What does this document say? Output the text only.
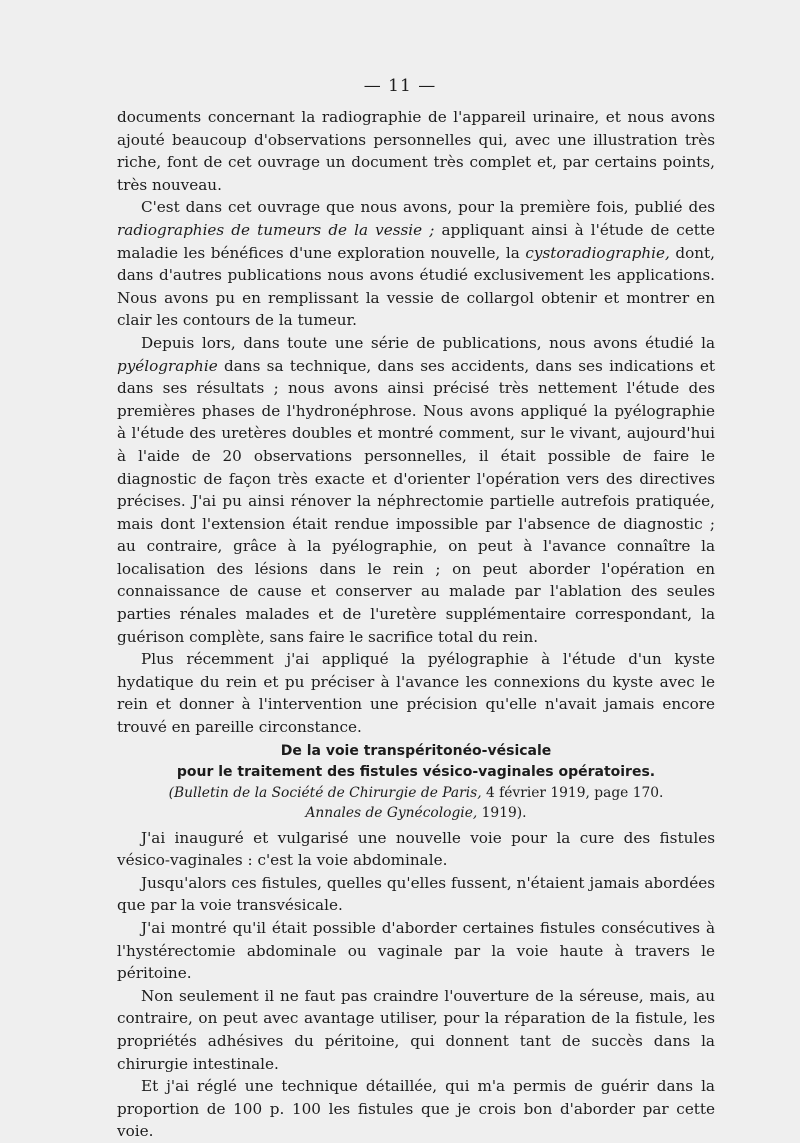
— 11 —

documents concernant la radiographie de l'appareil urinaire, et nous avons ajouté beaucoup d'observations personnelles qui, avec une illustration très riche, font de cet ouvrage un document très complet et, par certains points, très nouveau.

C'est dans cet ouvrage que nous avons, pour la première fois, publié des radiographies de tumeurs de la vessie ; appliquant ainsi à l'étude de cette maladie les bénéfices d'une exploration nouvelle, la cystoradiographie, dont, dans d'autres publications nous avons étudié exclusivement les applications. Nous avons pu en remplissant la vessie de collargol obtenir et montrer en clair les contours de la tumeur.

Depuis lors, dans toute une série de publications, nous avons étudié la pyélographie dans sa technique, dans ses accidents, dans ses indications et dans ses résultats ; nous avons ainsi précisé très nettement l'étude des premières phases de l'hydronéphrose. Nous avons appliqué la pyélographie à l'étude des uretères doubles et montré comment, sur le vivant, aujourd'hui à l'aide de 20 observations personnelles, il était possible de faire le diagnostic de façon très exacte et d'orienter l'opération vers des directives précises. J'ai pu ainsi rénover la néphrectomie partielle autrefois pratiquée, mais dont l'extension était rendue impossible par l'absence de diagnostic ; au contraire, grâce à la pyélographie, on peut à l'avance connaître la localisation des lésions dans le rein ; on peut aborder l'opération en connaissance de cause et conserver au malade par l'ablation des seules parties rénales malades et de l'uretère supplémentaire correspondant, la guérison complète, sans faire le sacrifice total du rein.

Plus récemment j'ai appliqué la pyélographie à l'étude d'un kyste hydatique du rein et pu préciser à l'avance les connexions du kyste avec le rein et donner à l'intervention une précision qu'elle n'avait jamais encore trouvé en pareille circonstance.

De la voie transpéritonéo-vésicale
pour le traitement des fistules vésico-vaginales opératoires.
(Bulletin de la Société de Chirurgie de Paris, 4 février 1919, page 170.
Annales de Gynécologie, 1919).

J'ai inauguré et vulgarisé une nouvelle voie pour la cure des fistules vésico-vaginales : c'est la voie abdominale.

Jusqu'alors ces fistules, quelles qu'elles fussent, n'étaient jamais abordées que par la voie transvésicale.

J'ai montré qu'il était possible d'aborder certaines fistules consécutives à l'hystérectomie abdominale ou vaginale par la voie haute à travers le péritoine.

Non seulement il ne faut pas craindre l'ouverture de la séreuse, mais, au contraire, on peut avec avantage utiliser, pour la réparation de la fistule, les propriétés adhésives du péritoine, qui donnent tant de succès dans la chirurgie intestinale.

Et j'ai réglé une technique détaillée, qui m'a permis de guérir dans la proportion de 100 p. 100 les fistules que je crois bon d'aborder par cette voie.
